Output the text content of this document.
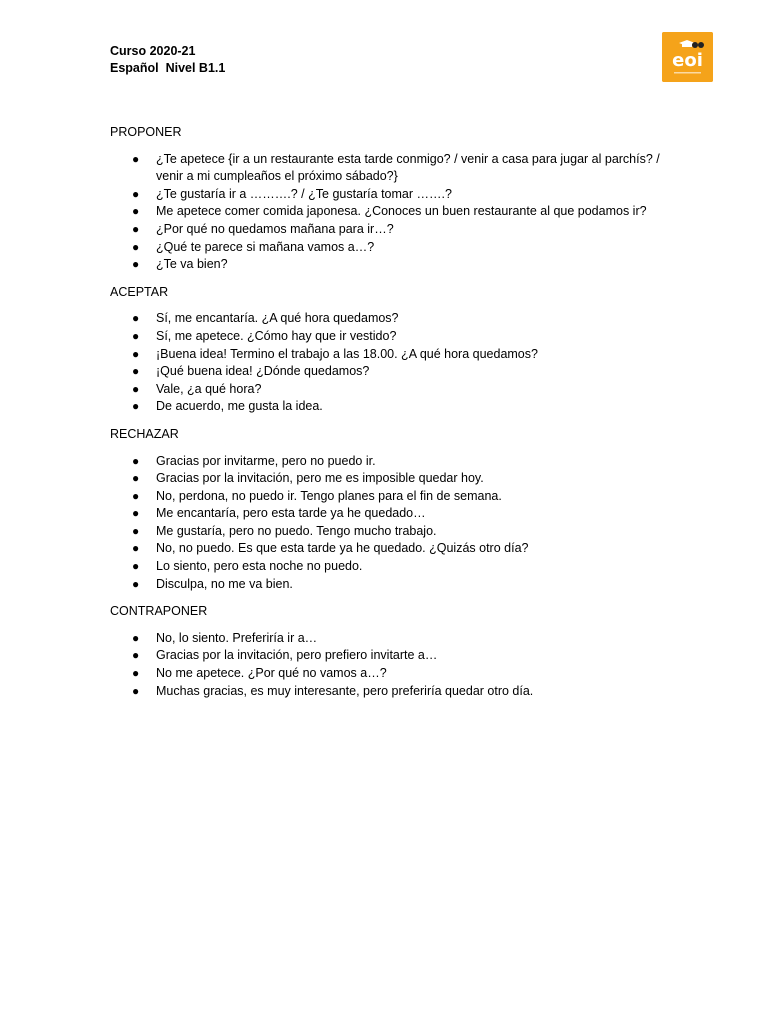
Curso 2020-21
Español  Nivel B1.1	eoi
PROPONER
● ¿Te apetece {ir a un restaurante esta tarde conmigo? / venir a casa para jugar al parchís? / venir a mi cumpleaños el próximo sábado?}
● ¿Te gustaría ir a ……….? / ¿Te gustaría tomar …….?
● Me apetece comer comida japonesa. ¿Conoces un buen restaurante al que podamos ir?
● ¿Por qué no quedamos mañana para ir…?
● ¿Qué te parece si mañana vamos a…?
● ¿Te va bien?
ACEPTAR
● Sí, me encantaría. ¿A qué hora quedamos?
● Sí, me apetece. ¿Cómo hay que ir vestido?
● ¡Buena idea! Termino el trabajo a las 18.00. ¿A qué hora quedamos?
● ¡Qué buena idea! ¿Dónde quedamos?
● Vale, ¿a qué hora?
● De acuerdo, me gusta la idea.
RECHAZAR
● Gracias por invitarme, pero no puedo ir.
● Gracias por la invitación, pero me es imposible quedar hoy.
● No, perdona, no puedo ir. Tengo planes para el fin de semana.
● Me encantaría, pero esta tarde ya he quedado…
● Me gustaría, pero no puedo. Tengo mucho trabajo.
● No, no puedo. Es que esta tarde ya he quedado. ¿Quizás otro día?
● Lo siento, pero esta noche no puedo.
● Disculpa, no me va bien.
CONTRAPONER
● No, lo siento. Preferiría ir a…
● Gracias por la invitación, pero prefiero invitarte a…
● No me apetece. ¿Por qué no vamos a…?
● Muchas gracias, es muy interesante, pero preferiría quedar otro día.
